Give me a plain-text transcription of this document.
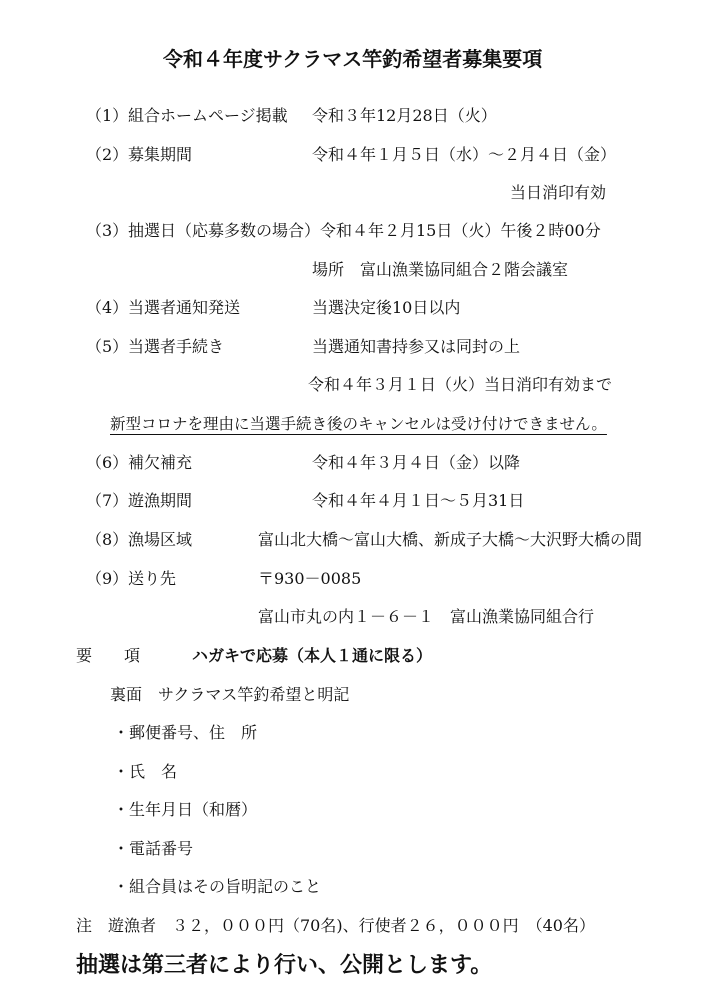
令和４年度サクラマス竿釣希望者募集要項
（1） 組合ホームページ掲載 令和３年12月28日（火）
（2） 募集期間	令和４年１月５日（水）～２月４日（金）
当日消印有効
（3） 抽選日（応募多数の場合） 令和４年２月15日（火）午後２時00分
場所　富山漁業協同組合２階会議室
（4） 当選者通知発送	当選決定後10日以内
（5） 当選者手続き	当選通知書持参又は同封の上
令和４年３月１日（火）当日消印有効まで
新型コロナを理由に当選手続き後のキャンセルは受け付けできません。
（6） 補欠補充	令和４年３月４日（金）以降
（7） 遊漁期間	令和４年４月１日～５月31日
（8） 漁場区域	富山北大橋～富山大橋、新成子大橋～大沢野大橋の間
（9） 送り先	〒930－0085
富山市丸の内１－６－１　富山漁業協同組合行
要　　項	ハガキで応募（本人１通に限る）
裏面　サクラマス竿釣希望と明記
・郵便番号、住　所
・氏　名
・生年月日（和暦）
・電話番号
・組合員はその旨明記のこと
注　遊漁者　３２，０００円（70名)、行使者２６，０００円　（40名）
抽選は第三者により行い、公開とします。
